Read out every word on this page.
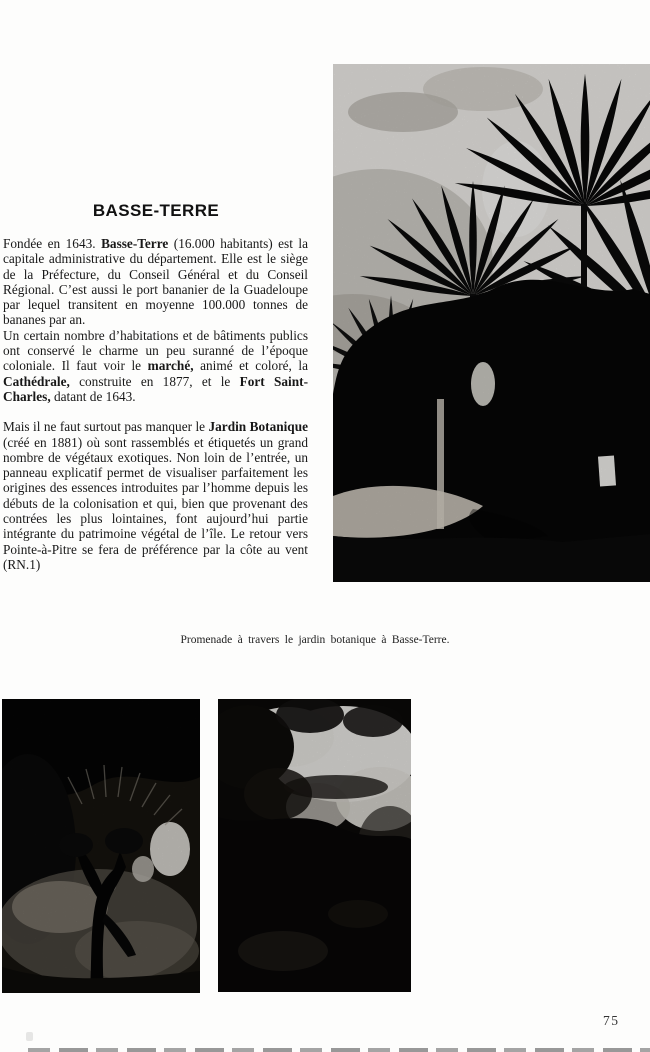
BASSE-TERRE

Fondée en 1643. Basse-Terre (16.000 habitants) est la capitale administrative du département. Elle est le siège de la Préfecture, du Conseil Général et du Conseil Régional. C’est aussi le port bananier de la Guadeloupe par lequel transitent en moyenne 100.000 tonnes de bananes par an.

Un certain nombre d’habitations et de bâtiments publics ont conservé le charme un peu suranné de l’époque coloniale. Il faut voir le marché, animé et coloré, la Cathédrale, construite en 1877, et le Fort Saint-Charles, datant de 1643.

Mais il ne faut surtout pas manquer le Jardin Botanique (créé en 1881) où sont rassemblés et étiquetés un grand nombre de végétaux exotiques. Non loin de l’entrée, un panneau explicatif permet de visualiser parfaitement les origines des essences introduites par l’homme depuis les débuts de la colonisation et qui, bien que provenant des contrées les plus lointaines, font aujourd’hui partie intégrante du patrimoine végétal de l’île. Le retour vers Pointe-à-Pitre se fera de préférence par la côte au vent (RN.1)

Promenade à travers le jardin botanique à Basse-Terre.
75
